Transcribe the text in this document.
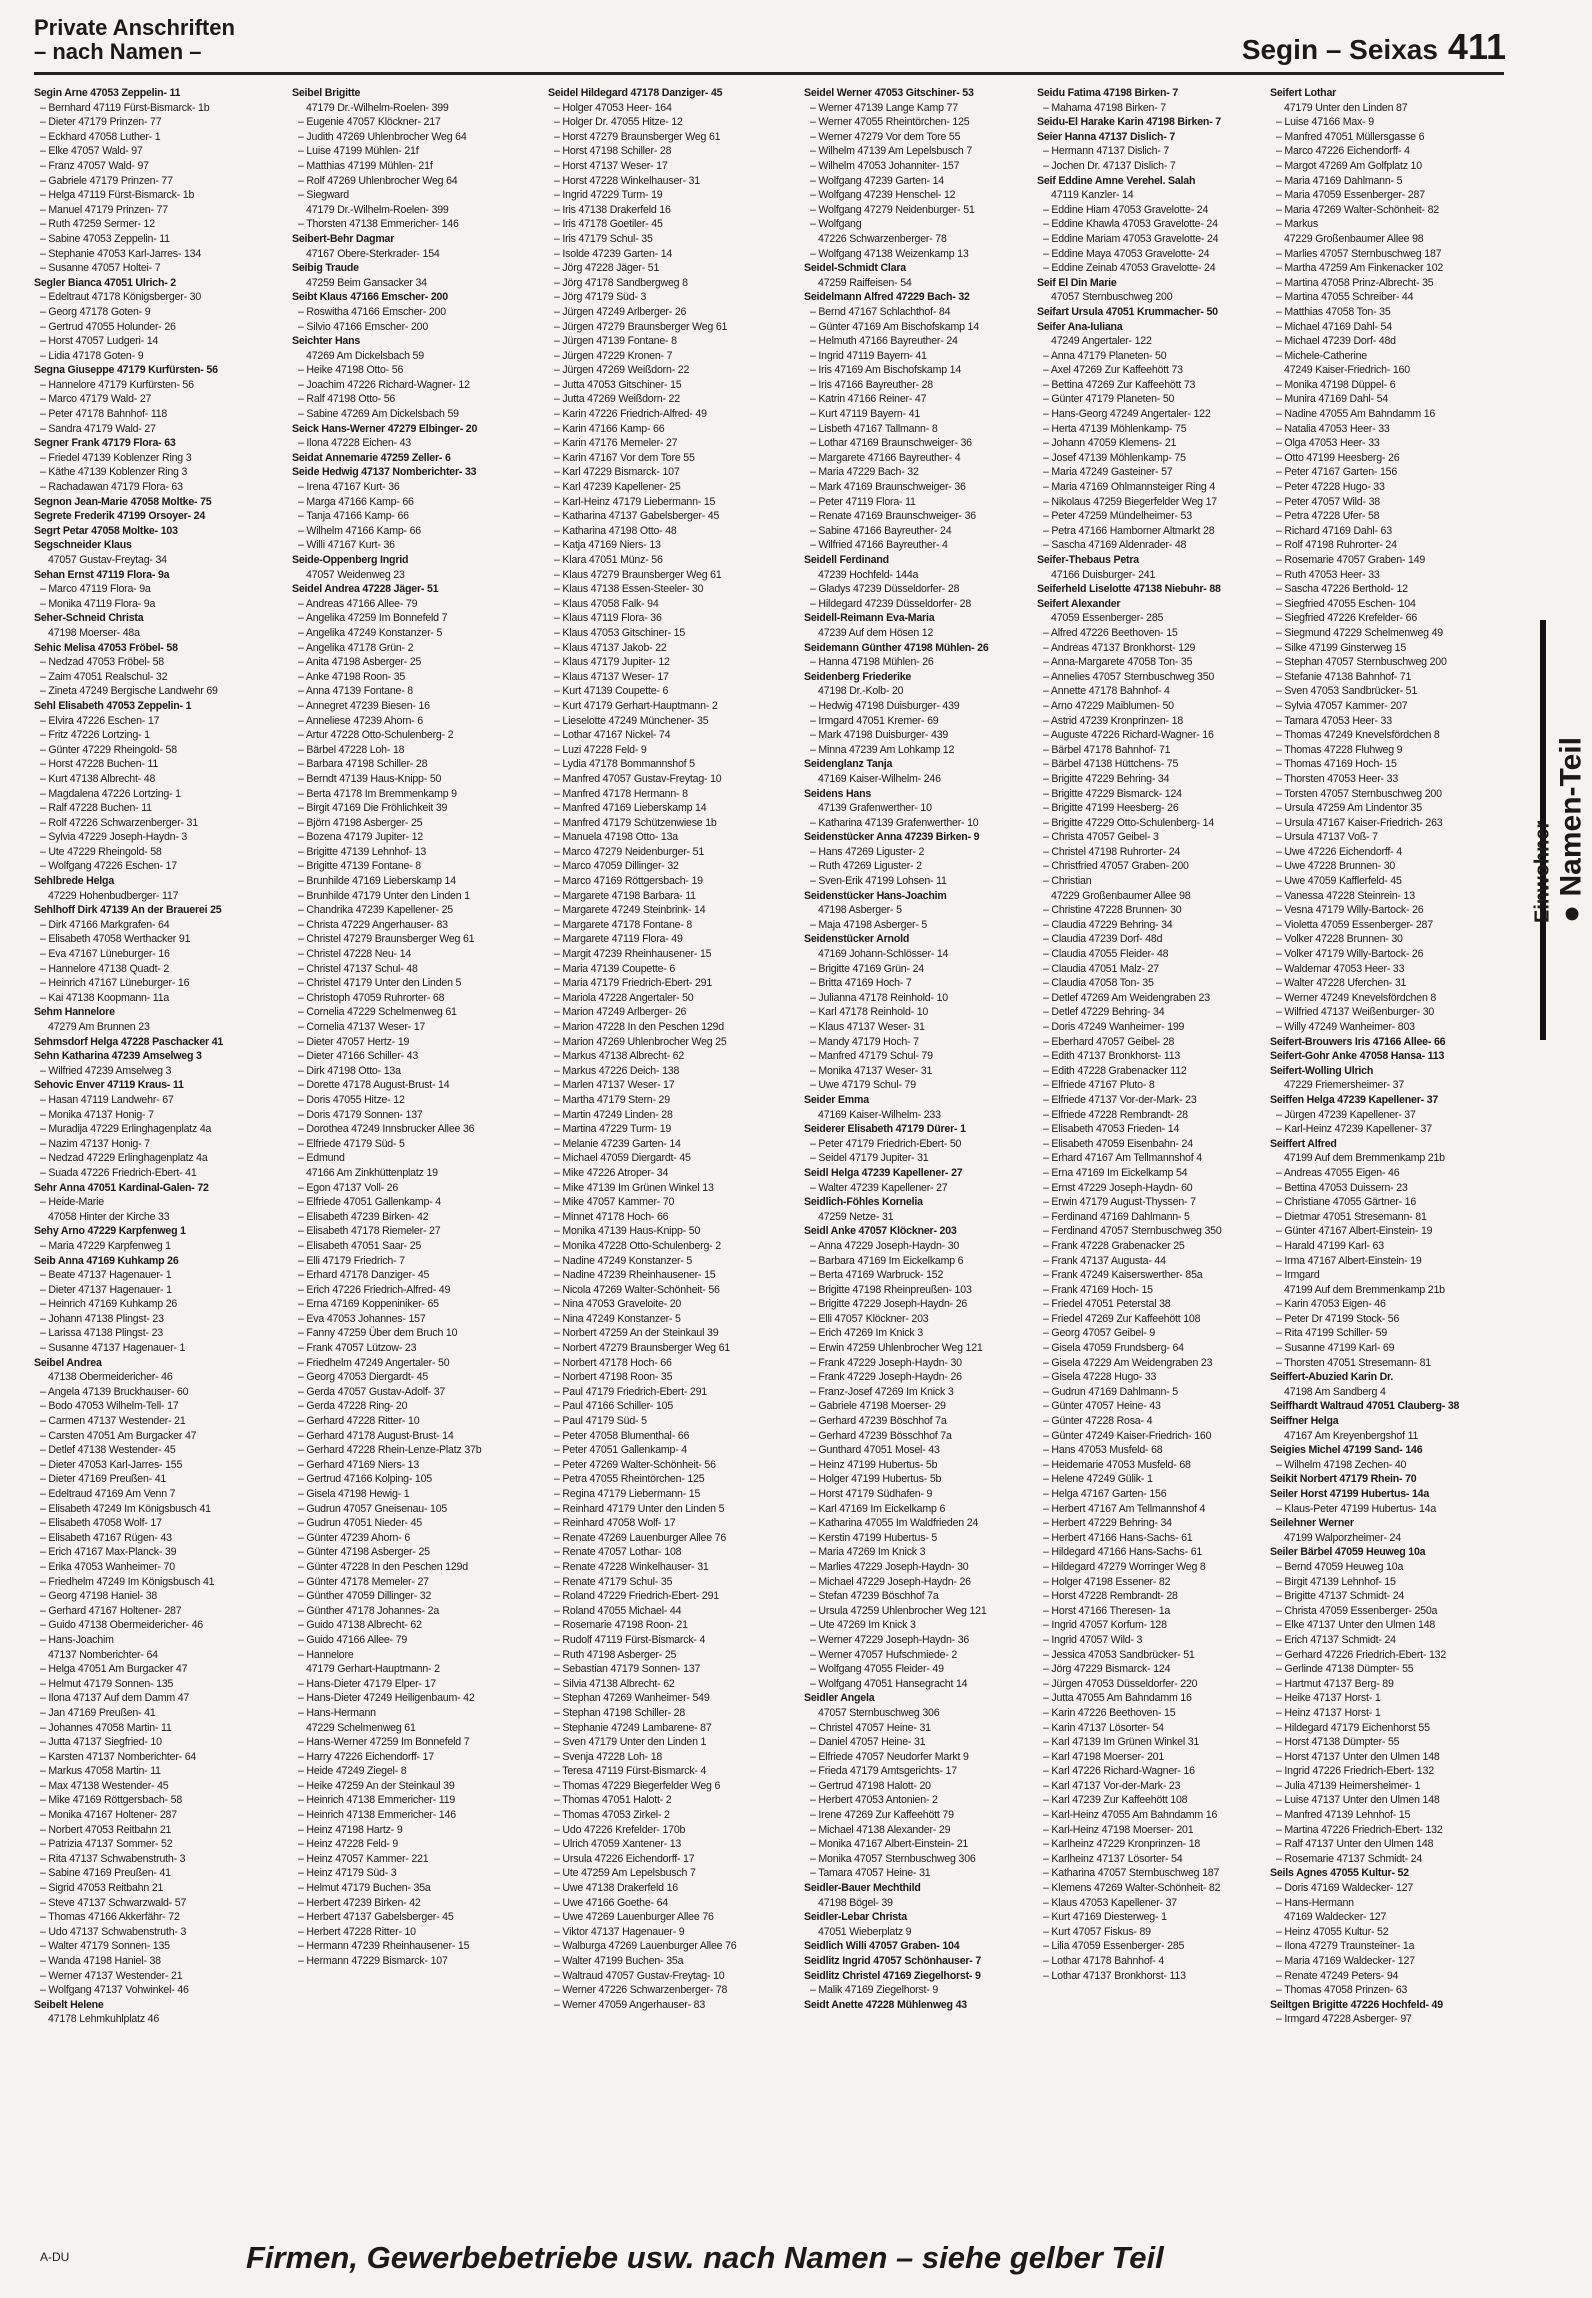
Private Anschriften
– nach Namen –	Segin – Seixas 411
Segin Arne 47053 Zeppelin- 11
– Bernhard 47119 Fürst-Bismarck- 1b
– Dieter 47179 Prinzen- 77
– Eckhard 47058 Luther- 1
– Elke 47057 Wald- 97
– Franz 47057 Wald- 97
– Gabriele 47179 Prinzen- 77
– Helga 47119 Fürst-Bismarck- 1b
– Manuel 47179 Prinzen- 77
– Ruth 47259 Sermer- 12
– Sabine 47053 Zeppelin- 11
– Stephanie 47053 Karl-Jarres- 134
– Susanne 47057 Holtei- 7
Segler Bianca 47051 Ulrich- 2
– Edeltraut 47178 Königsberger- 30
– Georg 47178 Goten- 9
– Gertrud 47055 Holunder- 26
– Horst 47057 Ludgeri- 14
– Lidia 47178 Goten- 9
Segna Giuseppe 47179 Kurfürsten- 56
– Hannelore 47179 Kurfürsten- 56
– Marco 47179 Wald- 27
– Peter 47178 Bahnhof- 118
– Sandra 47179 Wald- 27
Segner Frank 47179 Flora- 63
– Friedel 47139 Koblenzer Ring 3
– Käthe 47139 Koblenzer Ring 3
– Rachadawan 47179 Flora- 63
Segnon Jean-Marie 47058 Moltke- 75
Segrete Frederik 47199 Orsoyer- 24
Segrt Petar 47058 Moltke- 103
Segschneider Klaus
47057 Gustav-Freytag- 34
Sehan Ernst 47119 Flora- 9a
– Marco 47119 Flora- 9a
– Monika 47119 Flora- 9a
Seher-Schneid Christa
47198 Moerser- 48a
Sehic Melisa 47053 Fröbel- 58
– Nedzad 47053 Fröbel- 58
– Zaim 47051 Realschul- 32
– Zineta 47249 Bergische Landwehr 69
Sehl Elisabeth 47053 Zeppelin- 1
– Elvira 47226 Eschen- 17
– Fritz 47226 Lortzing- 1
– Günter 47229 Rheingold- 58
– Horst 47228 Buchen- 11
– Kurt 47138 Albrecht- 48
– Magdalena 47226 Lortzing- 1
– Ralf 47228 Buchen- 11
– Rolf 47226 Schwarzenberger- 31
– Sylvia 47229 Joseph-Haydn- 3
– Ute 47229 Rheingold- 58
– Wolfgang 47226 Eschen- 17
Sehlbrede Helga
47229 Hohenbudberger- 117
Sehlhoff Dirk 47139 An der Brauerei 25
– Dirk 47166 Markgrafen- 64
– Elisabeth 47058 Werthacker 91
– Eva 47167 Lüneburger- 16
– Hannelore 47138 Quadt- 2
– Heinrich 47167 Lüneburger- 16
– Kai 47138 Koopmann- 11a
Sehm Hannelore
47279 Am Brunnen 23
Sehmsdorf Helga 47228 Paschacker 41
Sehn Katharina 47239 Amselweg 3
– Wilfried 47239 Amselweg 3
Sehovic Enver 47119 Kraus- 11
– Hasan 47119 Landwehr- 67
– Monika 47137 Honig- 7
– Muradija 47229 Erlinghagenplatz 4a
– Nazim 47137 Honig- 7
– Nedzad 47229 Erlinghagenplatz 4a
– Suada 47226 Friedrich-Ebert- 41
Sehr Anna 47051 Kardinal-Galen- 72
– Heide-Marie
47058 Hinter der Kirche 33
Sehy Arno 47229 Karpfenweg 1
– Maria 47229 Karpfenweg 1
Seib Anna 47169 Kuhkamp 26
– Beate 47137 Hagenauer- 1
– Dieter 47137 Hagenauer- 1
– Heinrich 47169 Kuhkamp 26
– Johann 47138 Plingst- 23
– Larissa 47138 Plingst- 23
– Susanne 47137 Hagenauer- 1
Seibel Andrea
47138 Obermeidericher- 46
– Angela 47139 Bruckhauser- 60
– Bodo 47053 Wilhelm-Tell- 17
– Carmen 47137 Westender- 21
– Carsten 47051 Am Burgacker 47
– Detlef 47138 Westender- 45
– Dieter 47053 Karl-Jarres- 155
– Dieter 47169 Preußen- 41
– Edeltraud 47169 Am Venn 7
– Elisabeth 47249 Im Königsbusch 41
– Elisabeth 47058 Wolf- 17
– Elisabeth 47167 Rügen- 43
– Erich 47167 Max-Planck- 39
– Erika 47053 Wanheimer- 70
– Friedhelm 47249 Im Königsbusch 41
– Georg 47198 Haniel- 38
– Gerhard 47167 Holtener- 287
– Guido 47138 Obermeidericher- 46
– Hans-Joachim
47137 Nomberichter- 64
– Helga 47051 Am Burgacker 47
– Helmut 47179 Sonnen- 135
– Ilona 47137 Auf dem Damm 47
– Jan 47169 Preußen- 41
– Johannes 47058 Martin- 11
– Jutta 47137 Siegfried- 10
– Karsten 47137 Nomberichter- 64
– Markus 47058 Martin- 11
– Max 47138 Westender- 45
– Mike 47169 Röttgersbach- 58
– Monika 47167 Holtener- 287
– Norbert 47053 Reitbahn 21
– Patrizia 47137 Sommer- 52
– Rita 47137 Schwabenstruth- 3
– Sabine 47169 Preußen- 41
– Sigrid 47053 Reitbahn 21
– Steve 47137 Schwarzwald- 57
– Thomas 47166 Akkerfähr- 72
– Udo 47137 Schwabenstruth- 3
– Walter 47179 Sonnen- 135
– Wanda 47198 Haniel- 38
– Werner 47137 Westender- 21
– Wolfgang 47137 Vohwinkel- 46
Seibelt Helene
47178 Lehmkuhlplatz 46
Seibel Brigitte
47179 Dr.-Wilhelm-Roelen- 399
– Eugenie 47057 Klöckner- 217
– Judith 47269 Uhlenbrocher Weg 64
– Luise 47199 Mühlen- 21f
– Matthias 47199 Mühlen- 21f
– Rolf 47269 Uhlenbrocher Weg 64
– Siegward
47179 Dr.-Wilhelm-Roelen- 399
– Thorsten 47138 Emmericher- 146
Seibert-Behr Dagmar
47167 Obere-Sterkrader- 154
Seibig Traude
47259 Beim Gansacker 34
Seibt Klaus 47166 Emscher- 200
– Roswitha 47166 Emscher- 200
– Silvio 47166 Emscher- 200
Seichter Hans
47269 Am Dickelsbach 59
– Heike 47198 Otto- 56
– Joachim 47226 Richard-Wagner- 12
– Ralf 47198 Otto- 56
– Sabine 47269 Am Dickelsbach 59
Seick Hans-Werner 47279 Elbinger- 20
– Ilona 47228 Eichen- 43
Seidat Annemarie 47259 Zeller- 6
Seide Hedwig 47137 Nomberichter- 33
– Irena 47167 Kurt- 36
– Marga 47166 Kamp- 66
– Tanja 47166 Kamp- 66
– Wilhelm 47166 Kamp- 66
– Willi 47167 Kurt- 36
Seide-Oppenberg Ingrid
47057 Weidenweg 23
Seidel Andrea 47228 Jäger- 51
– Andreas 47166 Allee- 79
– Angelika 47259 Im Bonnefeld 7
– Angelika 47249 Konstanzer- 5
– Angelika 47178 Grün- 2
– Anita 47198 Asberger- 25
– Anke 47198 Roon- 35
– Anna 47139 Fontane- 8
– Annegret 47239 Biesen- 16
– Anneliese 47239 Ahorn- 6
– Artur 47228 Otto-Schulenberg- 2
– Bärbel 47228 Loh- 18
– Barbara 47198 Schiller- 28
– Berndt 47139 Haus-Knipp- 50
– Berta 47178 Im Bremmenkamp 9
– Birgit 47169 Die Fröhlichkeit 39
– Björn 47198 Asberger- 25
– Bozena 47179 Jupiter- 12
– Brigitte 47139 Lehnhof- 13
– Brigitte 47139 Fontane- 8
– Brunhilde 47169 Lieberskamp 14
– Brunhilde 47179 Unter den Linden 1
– Chandrika 47239 Kapellener- 25
– Christa 47229 Angerhauser- 83
– Christel 47279 Braunsberger Weg 61
– Christel 47228 Neu- 14
– Christel 47137 Schul- 48
– Christel 47179 Unter den Linden 5
– Christoph 47059 Ruhrorter- 68
– Cornelia 47229 Schelmenweg 61
– Cornelia 47137 Weser- 17
– Dieter 47057 Hertz- 19
– Dieter 47166 Schiller- 43
– Dirk 47198 Otto- 13a
– Dorette 47178 August-Brust- 14
– Doris 47055 Hitze- 12
– Doris 47179 Sonnen- 137
– Dorothea 47249 Innsbrucker Allee 36
– Elfriede 47179 Süd- 5
– Edmund
47166 Am Zinkhüttenplatz 19
– Egon 47137 Voll- 26
– Elfriede 47051 Gallenkamp- 4
– Elisabeth 47239 Birken- 42
– Elisabeth 47178 Riemeler- 27
– Elisabeth 47051 Saar- 25
– Elli 47179 Friedrich- 7
– Erhard 47178 Danziger- 45
– Erich 47226 Friedrich-Alfred- 49
– Erna 47169 Koppeniniker- 65
– Eva 47053 Johannes- 157
– Fanny 47259 Über dem Bruch 10
– Frank 47057 Lützow- 23
– Friedhelm 47249 Angertaler- 50
– Georg 47053 Diergardt- 45
– Gerda 47057 Gustav-Adolf- 37
– Gerda 47228 Ring- 20
– Gerhard 47228 Ritter- 10
– Gerhard 47178 August-Brust- 14
– Gerhard 47228 Rhein-Lenze-Platz 37b
– Gerhard 47169 Niers- 13
– Gertrud 47166 Kolping- 105
– Gisela 47198 Hewig- 1
– Gudrun 47057 Gneisenau- 105
– Gudrun 47051 Nieder- 45
– Günter 47239 Ahorn- 6
– Günter 47198 Asberger- 25
– Günter 47228 In den Peschen 129d
– Günter 47178 Memeler- 27
– Günther 47059 Dillinger- 32
– Günther 47178 Johannes- 2a
– Guido 47138 Albrecht- 62
– Guido 47166 Allee- 79
– Hannelore
47179 Gerhart-Hauptmann- 2
– Hans-Dieter 47179 Elper- 17
– Hans-Dieter 47249 Heiligenbaum- 42
– Hans-Hermann
47229 Schelmenweg 61
– Hans-Werner 47259 Im Bonnefeld 7
– Harry 47226 Eichendorff- 17
– Heide 47249 Ziegel- 8
– Heike 47259 An der Steinkaul 39
– Heinrich 47138 Emmericher- 119
– Heinrich 47138 Emmericher- 146
– Heinz 47198 Hartz- 9
– Heinz 47228 Feld- 9
– Heinz 47057 Kammer- 221
– Heinz 47179 Süd- 3
– Helmut 47179 Buchen- 35a
– Herbert 47239 Birken- 42
– Herbert 47137 Gabelsberger- 45
– Herbert 47228 Ritter- 10
– Hermann 47239 Rheinhausener- 15
– Hermann 47229 Bismarck- 107
Seidel Hildegard 47178 Danziger- 45
– Holger 47053 Heer- 164
– Holger Dr. 47055 Hitze- 12
– Horst 47279 Braunsberger Weg 61
– Horst 47198 Schiller- 28
– Horst 47137 Weser- 17
– Horst 47228 Winkelhauser- 31
– Ingrid 47229 Turm- 19
– Iris 47138 Drakerfeld 16
– Iris 47178 Goetiler- 45
– Iris 47179 Schul- 35
– Isolde 47239 Garten- 14
– Jörg 47228 Jäger- 51
– Jörg 47178 Sandbergweg 8
– Jörg 47179 Süd- 3
– Jürgen 47249 Arlberger- 26
– Jürgen 47279 Braunsberger Weg 61
– Jürgen 47139 Fontane- 8
– Jürgen 47229 Kronen- 7
– Jürgen 47269 Weißdorn- 22
– Jutta 47053 Gitschiner- 15
– Jutta 47269 Weißdorn- 22
– Karin 47226 Friedrich-Alfred- 49
– Karin 47166 Kamp- 66
– Karin 47176 Memeler- 27
– Karin 47167 Vor dem Tore 55
– Karl 47229 Bismarck- 107
– Karl 47239 Kapellener- 25
– Karl-Heinz 47179 Liebermann- 15
– Katharina 47137 Gabelsberger- 45
– Katharina 47198 Otto- 48
– Katja 47169 Niers- 13
– Klara 47051 Münz- 56
– Klaus 47279 Braunsberger Weg 61
– Klaus 47138 Essen-Steeler- 30
– Klaus 47058 Falk- 94
– Klaus 47119 Flora- 36
– Klaus 47053 Gitschiner- 15
– Klaus 47137 Jakob- 22
– Klaus 47179 Jupiter- 12
– Klaus 47137 Weser- 17
– Kurt 47139 Coupette- 6
– Kurt 47179 Gerhart-Hauptmann- 2
– Lieselotte 47249 Münchener- 35
– Lothar 47167 Nickel- 74
– Luzi 47228 Feld- 9
– Lydia 47178 Bommannshof 5
– Manfred 47057 Gustav-Freytag- 10
– Manfred 47178 Hermann- 8
– Manfred 47169 Lieberskamp 14
– Manfred 47179 Schützenwiese 1b
– Manuela 47198 Otto- 13a
– Marco 47279 Neidenburger- 51
– Marco 47059 Dillinger- 32
– Marco 47169 Röttgersbach- 19
– Margarete 47198 Barbara- 11
– Margarete 47249 Steinbrink- 14
– Margarete 47178 Fontane- 8
– Margarete 47119 Flora- 49
– Margit 47239 Rheinhausener- 15
– Maria 47139 Coupette- 6
– Maria 47179 Friedrich-Ebert- 291
– Mariola 47228 Angertaler- 50
– Marion 47249 Arlberger- 26
– Marion 47228 In den Peschen 129d
– Marion 47269 Uhlenbrocher Weg 25
– Markus 47138 Albrecht- 62
– Markus 47226 Deich- 138
– Marlen 47137 Weser- 17
– Martha 47179 Stern- 29
– Martin 47249 Linden- 28
– Martina 47229 Turm- 19
– Melanie 47239 Garten- 14
– Michael 47059 Diergardt- 45
– Mike 47226 Atroper- 34
– Mike 47139 Im Grünen Winkel 13
– Mike 47057 Kammer- 70
– Minnet 47178 Hoch- 66
– Monika 47139 Haus-Knipp- 50
– Monika 47228 Otto-Schulenberg- 2
– Nadine 47249 Konstanzer- 5
– Nadine 47239 Rheinhausener- 15
– Nicola 47269 Walter-Schönheit- 56
– Nina 47053 Graveloite- 20
– Nina 47249 Konstanzer- 5
– Norbert 47259 An der Steinkaul 39
– Norbert 47279 Braunsberger Weg 61
– Norbert 47178 Hoch- 66
– Norbert 47198 Roon- 35
– Paul 47179 Friedrich-Ebert- 291
– Paul 47166 Schiller- 105
– Paul 47179 Süd- 5
– Peter 47058 Blumenthal- 66
– Peter 47051 Gallenkamp- 4
– Peter 47269 Walter-Schönheit- 56
– Petra 47055 Rheintörchen- 125
– Regina 47179 Liebermann- 15
– Reinhard 47179 Unter den Linden 5
– Reinhard 47058 Wolf- 17
– Renate 47269 Lauenburger Allee 76
– Renate 47057 Lothar- 108
– Renate 47228 Winkelhauser- 31
– Renate 47179 Schul- 35
– Roland 47229 Friedrich-Ebert- 291
– Roland 47055 Michael- 44
– Rosemarie 47198 Roon- 21
– Rudolf 47119 Fürst-Bismarck- 4
– Ruth 47198 Asberger- 25
– Sebastian 47179 Sonnen- 137
– Silvia 47138 Albrecht- 62
– Stephan 47269 Wanheimer- 549
– Stephan 47198 Schiller- 28
– Stephanie 47249 Lambarene- 87
– Sven 47179 Unter den Linden 1
– Svenja 47228 Loh- 18
– Teresa 47119 Fürst-Bismarck- 4
– Thomas 47229 Biegerfelder Weg 6
– Thomas 47051 Halott- 2
– Thomas 47053 Zirkel- 2
– Udo 47226 Krefelder- 170b
– Ulrich 47059 Xantener- 13
– Ursula 47226 Eichendorff- 17
– Ute 47259 Am Lepelsbusch 7
– Uwe 47138 Drakerfeld 16
– Uwe 47166 Goethe- 64
– Uwe 47269 Lauenburger Allee 76
– Viktor 47137 Hagenauer- 9
– Walburga 47269 Lauenburger Allee 76
– Walter 47199 Buchen- 35a
– Waltraud 47057 Gustav-Freytag- 10
– Werner 47226 Schwarzenberger- 78
– Werner 47059 Angerhauser- 83
Seidel Werner 47053 Gitschiner- 53
– Werner 47139 Lange Kamp 77
– Werner 47055 Rheintörchen- 125
– Werner 47279 Vor dem Tore 55
– Wilhelm 47139 Am Lepelsbusch 7
– Wilhelm 47053 Johanniter- 157
– Wolfgang 47239 Garten- 14
– Wolfgang 47239 Henschel- 12
– Wolfgang 47279 Neidenburger- 51
– Wolfgang
47226 Schwarzenberger- 78
– Wolfgang 47138 Weizenkamp 13
Seidel-Schmidt Clara
47259 Raiffeisen- 54
Seidelmann Alfred 47229 Bach- 32
– Bernd 47167 Schlachthof- 84
– Günter 47169 Am Bischofskamp 14
– Helmuth 47166 Bayreuther- 24
– Ingrid 47119 Bayern- 41
– Iris 47169 Am Bischofskamp 14
– Iris 47166 Bayreuther- 28
– Katrin 47166 Reiner- 47
– Kurt 47119 Bayern- 41
– Lisbeth 47167 Tallmann- 8
– Lothar 47169 Braunschweiger- 36
– Margarete 47166 Bayreuther- 4
– Maria 47229 Bach- 32
– Mark 47169 Braunschweiger- 36
– Peter 47119 Flora- 11
– Renate 47169 Braunschweiger- 36
– Sabine 47166 Bayreuther- 24
– Wilfried 47166 Bayreuther- 4
Seidell Ferdinand
47239 Hochfeld- 144a
– Gladys 47239 Düsseldorfer- 28
– Hildegard 47239 Düsseldorfer- 28
Seidell-Reimann Eva-Maria
47239 Auf dem Hösen 12
Seidemann Günther 47198 Mühlen- 26
– Hanna 47198 Mühlen- 26
Seidenberg Friederike
47198 Dr.-Kolb- 20
– Hedwig 47198 Duisburger- 439
– Irmgard 47051 Kremer- 69
– Mark 47198 Duisburger- 439
– Minna 47239 Am Lohkamp 12
Seidenglanz Tanja
47169 Kaiser-Wilhelm- 246
Seidens Hans
47139 Grafenwerther- 10
– Katharina 47139 Grafenwerther- 10
Seidenstücker Anna 47239 Birken- 9
– Hans 47269 Liguster- 2
– Ruth 47269 Liguster- 2
– Sven-Erik 47199 Lohsen- 11
Seidenstücker Hans-Joachim
47198 Asberger- 5
– Maja 47198 Asberger- 5
Seidenstücker Arnold
47169 Johann-Schlösser- 14
– Brigitte 47169 Grün- 24
– Britta 47169 Hoch- 7
– Julianna 47178 Reinhold- 10
– Karl 47178 Reinhold- 10
– Klaus 47137 Weser- 31
– Mandy 47179 Hoch- 7
– Manfred 47179 Schul- 79
– Monika 47137 Weser- 31
– Uwe 47179 Schul- 79
Seider Emma
47169 Kaiser-Wilhelm- 233
Seiderer Elisabeth 47179 Dürer- 1
– Peter 47179 Friedrich-Ebert- 50
– Seidel 47179 Jupiter- 31
Seidl Helga 47239 Kapellener- 27
– Walter 47239 Kapellener- 27
Seidlich-Föhles Kornelia
47259 Netze- 31
Seidl Anke 47057 Klöckner- 203
– Anna 47229 Joseph-Haydn- 30
– Barbara 47169 Im Eickelkamp 6
– Berta 47169 Warbruck- 152
– Brigitte 47198 Rheinpreußen- 103
– Brigitte 47229 Joseph-Haydn- 26
– Elli 47057 Klöckner- 203
– Erich 47269 Im Knick 3
– Erwin 47259 Uhlenbrocher Weg 121
– Frank 47229 Joseph-Haydn- 30
– Frank 47229 Joseph-Haydn- 26
– Franz-Josef 47269 Im Knick 3
– Gabriele 47198 Moerser- 29
– Gerhard 47239 Böschhof 7a
– Gerhard 47239 Bösschhof 7a
– Gunthard 47051 Mosel- 43
– Heinz 47199 Hubertus- 5b
– Holger 47199 Hubertus- 5b
– Horst 47179 Südhafen- 9
– Karl 47169 Im Eickelkamp 6
– Katharina 47055 Im Waldfrieden 24
– Kerstin 47199 Hubertus- 5
– Maria 47269 Im Knick 3
– Marlies 47229 Joseph-Haydn- 30
– Michael 47229 Joseph-Haydn- 26
– Stefan 47239 Böschhof 7a
– Ursula 47259 Uhlenbrocher Weg 121
– Ute 47269 Im Knick 3
– Werner 47229 Joseph-Haydn- 36
– Werner 47057 Hufschmiede- 2
– Wolfgang 47055 Fleider- 49
– Wolfgang 47051 Hansegracht 14
Seidler Angela
47057 Sternbuschweg 306
– Christel 47057 Heine- 31
– Daniel 47057 Heine- 31
– Elfriede 47057 Neudorfer Markt 9
– Frieda 47179 Amtsgerichts- 17
– Gertrud 47198 Halott- 20
– Herbert 47053 Antonien- 2
– Irene 47269 Zur Kaffeehött 79
– Michael 47138 Alexander- 29
– Monika 47167 Albert-Einstein- 21
– Monika 47057 Sternbuschweg 306
– Tamara 47057 Heine- 31
Seidler-Bauer Mechthild
47198 Bögel- 39
Seidler-Lebar Christa
47051 Wieberplatz 9
Seidlich Willi 47057 Graben- 104
Seidlitz Ingrid 47057 Schönhauser- 7
Seidlitz Christel 47169 Ziegelhorst- 9
– Malik 47169 Ziegelhorst- 9
Seidt Anette 47228 Mühlenweg 43
Seidu Fatima 47198 Birken- 7
– Mahama 47198 Birken- 7
Seidu-El Harake Karin 47198 Birken- 7
Seier Hanna 47137 Dislich- 7
– Hermann 47137 Dislich- 7
– Jochen Dr. 47137 Dislich- 7
Seif Eddine Amne Verehel. Salah
47119 Kanzler- 14
– Eddine Hiam 47053 Gravelotte- 24
– Eddine Khawla 47053 Gravelotte- 24
– Eddine Mariam 47053 Gravelotte- 24
– Eddine Maya 47053 Gravelotte- 24
– Eddine Zeinab 47053 Gravelotte- 24
Seif El Din Marie
47057 Sternbuschweg 200
Seifart Ursula 47051 Krummacher- 50
Seifer Ana-Iuliana
47249 Angertaler- 122
– Anna 47179 Planeten- 50
– Axel 47269 Zur Kaffeehött 73
– Bettina 47269 Zur Kaffeehött 73
– Günter 47179 Planeten- 50
– Hans-Georg 47249 Angertaler- 122
– Herta 47139 Möhlenkamp- 75
– Johann 47059 Klemens- 21
– Josef 47139 Möhlenkamp- 75
– Maria 47249 Gasteiner- 57
– Maria 47169 Ohlmannsteiger Ring 4
– Nikolaus 47259 Biegerfelder Weg 17
– Peter 47259 Mündelheimer- 53
– Petra 47166 Hamborner Altmarkt 28
– Sascha 47169 Aldenrader- 48
Seifer-Thebaus Petra
47166 Duisburger- 241
Seiferheld Liselotte 47138 Niebuhr- 88
Seifert Alexander
47059 Essenberger- 285
– Alfred 47226 Beethoven- 15
– Andreas 47137 Bronkhorst- 129
– Anna-Margarete 47058 Ton- 35
– Annelies 47057 Sternbuschweg 350
– Annette 47178 Bahnhof- 4
– Arno 47229 Maiblumen- 50
– Astrid 47239 Kronprinzen- 18
– Auguste 47226 Richard-Wagner- 16
– Bärbel 47178 Bahnhof- 71
– Bärbel 47138 Hüttchens- 75
– Brigitte 47229 Behring- 34
– Brigitte 47229 Bismarck- 124
– Brigitte 47199 Heesberg- 26
– Brigitte 47229 Otto-Schulenberg- 14
– Christa 47057 Geibel- 3
– Christel 47198 Ruhrorter- 24
– Christfried 47057 Graben- 200
– Christian
47229 Großenbaumer Allee 98
– Christine 47228 Brunnen- 30
– Claudia 47229 Behring- 34
– Claudia 47239 Dorf- 48d
– Claudia 47055 Fleider- 48
– Claudia 47051 Malz- 27
– Claudia 47058 Ton- 35
– Detlef 47269 Am Weidengraben 23
– Detlef 47229 Behring- 34
– Doris 47249 Wanheimer- 199
– Eberhard 47057 Geibel- 28
– Edith 47137 Bronkhorst- 113
– Edith 47228 Grabenacker 112
– Elfriede 47167 Pluto- 8
– Elfriede 47137 Vor-der-Mark- 23
– Elfriede 47228 Rembrandt- 28
– Elisabeth 47053 Frieden- 14
– Elisabeth 47059 Eisenbahn- 24
– Erhard 47167 Am Tellmannshof 4
– Erna 47169 Im Eickelkamp 54
– Ernst 47229 Joseph-Haydn- 60
– Erwin 47179 August-Thyssen- 7
– Ferdinand 47169 Dahlmann- 5
– Ferdinand 47057 Sternbuschweg 350
– Frank 47228 Grabenacker 25
– Frank 47137 Augusta- 44
– Frank 47249 Kaiserswerther- 85a
– Frank 47169 Hoch- 15
– Friedel 47051 Peterstal 38
– Friedel 47269 Zur Kaffeehött 108
– Georg 47057 Geibel- 9
– Gisela 47059 Frundsberg- 64
– Gisela 47229 Am Weidengraben 23
– Gisela 47228 Hugo- 33
– Gudrun 47169 Dahlmann- 5
– Günter 47057 Heine- 43
– Günter 47228 Rosa- 4
– Günter 47249 Kaiser-Friedrich- 160
– Hans 47053 Musfeld- 68
– Heidemarie 47053 Musfeld- 68
– Helene 47249 Gülik- 1
– Helga 47167 Garten- 156
– Herbert 47167 Am Tellmannshof 4
– Herbert 47229 Behring- 34
– Herbert 47166 Hans-Sachs- 61
– Hildegard 47166 Hans-Sachs- 61
– Hildegard 47279 Worringer Weg 8
– Holger 47198 Essener- 82
– Horst 47228 Rembrandt- 28
– Horst 47166 Theresen- 1a
– Ingrid 47057 Korfum- 128
– Ingrid 47057 Wild- 3
– Jessica 47053 Sandbrücker- 51
– Jörg 47229 Bismarck- 124
– Jürgen 47053 Düsseldorfer- 220
– Jutta 47055 Am Bahndamm 16
– Karin 47226 Beethoven- 15
– Karin 47137 Lösorter- 54
– Karl 47139 Im Grünen Winkel 31
– Karl 47198 Moerser- 201
– Karl 47226 Richard-Wagner- 16
– Karl 47137 Vor-der-Mark- 23
– Karl 47239 Zur Kaffeehött 108
– Karl-Heinz 47055 Am Bahndamm 16
– Karl-Heinz 47198 Moerser- 201
– Karlheinz 47229 Kronprinzen- 18
– Karlheinz 47137 Lösorter- 54
– Katharina 47057 Sternbuschweg 187
– Klemens 47269 Walter-Schönheit- 82
– Klaus 47053 Kapellener- 37
– Kurt 47169 Diesterweg- 1
– Kurt 47057 Fiskus- 89
– Lilia 47059 Essenberger- 285
– Lothar 47178 Bahnhof- 4
– Lothar 47137 Bronkhorst- 113
Seifert Lothar
47179 Unter den Linden 87
– Luise 47166 Max- 9
– Manfred 47051 Müllersgasse 6
– Marco 47226 Eichendorff- 4
– Margot 47269 Am Golfplatz 10
– Maria 47169 Dahlmann- 5
– Maria 47059 Essenberger- 287
– Maria 47269 Walter-Schönheit- 82
– Markus
47229 Großenbaumer Allee 98
– Marlies 47057 Sternbuschweg 187
– Martha 47259 Am Finkenacker 102
– Martina 47058 Prinz-Albrecht- 35
– Martina 47055 Schreiber- 44
– Matthias 47058 Ton- 35
– Michael 47169 Dahl- 54
– Michael 47239 Dorf- 48d
– Michele-Catherine
47249 Kaiser-Friedrich- 160
– Monika 47198 Düppel- 6
– Munira 47169 Dahl- 54
– Nadine 47055 Am Bahndamm 16
– Natalia 47053 Heer- 33
– Olga 47053 Heer- 33
– Otto 47199 Heesberg- 26
– Peter 47167 Garten- 156
– Peter 47228 Hugo- 33
– Peter 47057 Wild- 38
– Petra 47228 Ufer- 58
– Richard 47169 Dahl- 63
– Rolf 47198 Ruhrorter- 24
– Rosemarie 47057 Graben- 149
– Ruth 47053 Heer- 33
– Sascha 47226 Berthold- 12
– Siegfried 47055 Eschen- 104
– Siegfried 47226 Krefelder- 66
– Siegmund 47229 Schelmenweg 49
– Silke 47199 Ginsterweg 15
– Stephan 47057 Sternbuschweg 200
– Stefanie 47138 Bahnhof- 71
– Sven 47053 Sandbrücker- 51
– Sylvia 47057 Kammer- 207
– Tamara 47053 Heer- 33
– Thomas 47249 Knevelsfördchen 8
– Thomas 47228 Fluhweg 9
– Thomas 47169 Hoch- 15
– Thorsten 47053 Heer- 33
– Torsten 47057 Sternbuschweg 200
– Ursula 47259 Am Lindentor 35
– Ursula 47167 Kaiser-Friedrich- 263
– Ursula 47137 Voß- 7
– Uwe 47226 Eichendorff- 4
– Uwe 47228 Brunnen- 30
– Uwe 47059 Kafflerfeld- 45
– Vanessa 47228 Steinrein- 13
– Vesna 47179 Willy-Bartock- 26
– Violetta 47059 Essenberger- 287
– Volker 47228 Brunnen- 30
– Volker 47179 Willy-Bartock- 26
– Waldemar 47053 Heer- 33
– Walter 47228 Uferchen- 31
– Werner 47249 Knevelsfördchen 8
– Wilfried 47137 Weißenburger- 30
– Willy 47249 Wanheimer- 803
Seifert-Brouwers Iris 47166 Allee- 66
Seifert-Gohr Anke 47058 Hansa- 113
Seifert-Wolling Ulrich
47229 Friemersheimer- 37
Seiffen Helga 47239 Kapellener- 37
– Jürgen 47239 Kapellener- 37
– Karl-Heinz 47239 Kapellener- 37
Seiffert Alfred
47199 Auf dem Bremmenkamp 21b
– Andreas 47055 Eigen- 46
– Bettina 47053 Duissern- 23
– Christiane 47055 Gärtner- 16
– Dietmar 47051 Stresemann- 81
– Günter 47167 Albert-Einstein- 19
– Harald 47199 Karl- 63
– Irma 47167 Albert-Einstein- 19
– Irmgard
47199 Auf dem Bremmenkamp 21b
– Karin 47053 Eigen- 46
– Peter Dr 47199 Stock- 56
– Rita 47199 Schiller- 59
– Susanne 47199 Karl- 69
– Thorsten 47051 Stresemann- 81
Seiffert-Abuzied Karin Dr.
47198 Am Sandberg 4
Seiffhardt Waltraud 47051 Clauberg- 38
Seiffner Helga
47167 Am Kreyenbergshof 11
Seigies Michel 47199 Sand- 146
– Wilhelm 47198 Zechen- 40
Seikit Norbert 47179 Rhein- 70
Seiler Horst 47199 Hubertus- 14a
– Klaus-Peter 47199 Hubertus- 14a
Seilehner Werner
47199 Walporzheimer- 24
Seiler Bärbel 47059 Heuweg 10a
– Bernd 47059 Heuweg 10a
– Birgit 47139 Lehnhof- 15
– Brigitte 47137 Schmidt- 24
– Christa 47059 Essenberger- 250a
– Elke 47137 Unter den Ulmen 148
– Erich 47137 Schmidt- 24
– Gerhard 47226 Friedrich-Ebert- 132
– Gerlinde 47138 Dümpter- 55
– Hartmut 47137 Berg- 89
– Heike 47137 Horst- 1
– Heinz 47137 Horst- 1
– Hildegard 47179 Eichenhorst 55
– Horst 47138 Dümpter- 55
– Horst 47137 Unter den Ulmen 148
– Ingrid 47226 Friedrich-Ebert- 132
– Julia 47139 Heimersheimer- 1
– Luise 47137 Unter den Ulmen 148
– Manfred 47139 Lehnhof- 15
– Martina 47226 Friedrich-Ebert- 132
– Ralf 47137 Unter den Ulmen 148
– Rosemarie 47137 Schmidt- 24
Seils Agnes 47055 Kultur- 52
– Doris 47169 Waldecker- 127
– Hans-Hermann
47169 Waldecker- 127
– Heinz 47055 Kultur- 52
– Ilona 47279 Traunsteiner- 1a
– Maria 47169 Waldecker- 127
– Renate 47249 Peters- 94
– Thomas 47058 Prinzen- 63
Seiltgen Brigitte 47226 Hochfeld- 49
– Irmgard 47228 Asberger- 97
Einwohner ● Namen-Teil
A-DU	Firmen, Gewerbebetriebe usw. nach Namen – siehe gelber Teil
